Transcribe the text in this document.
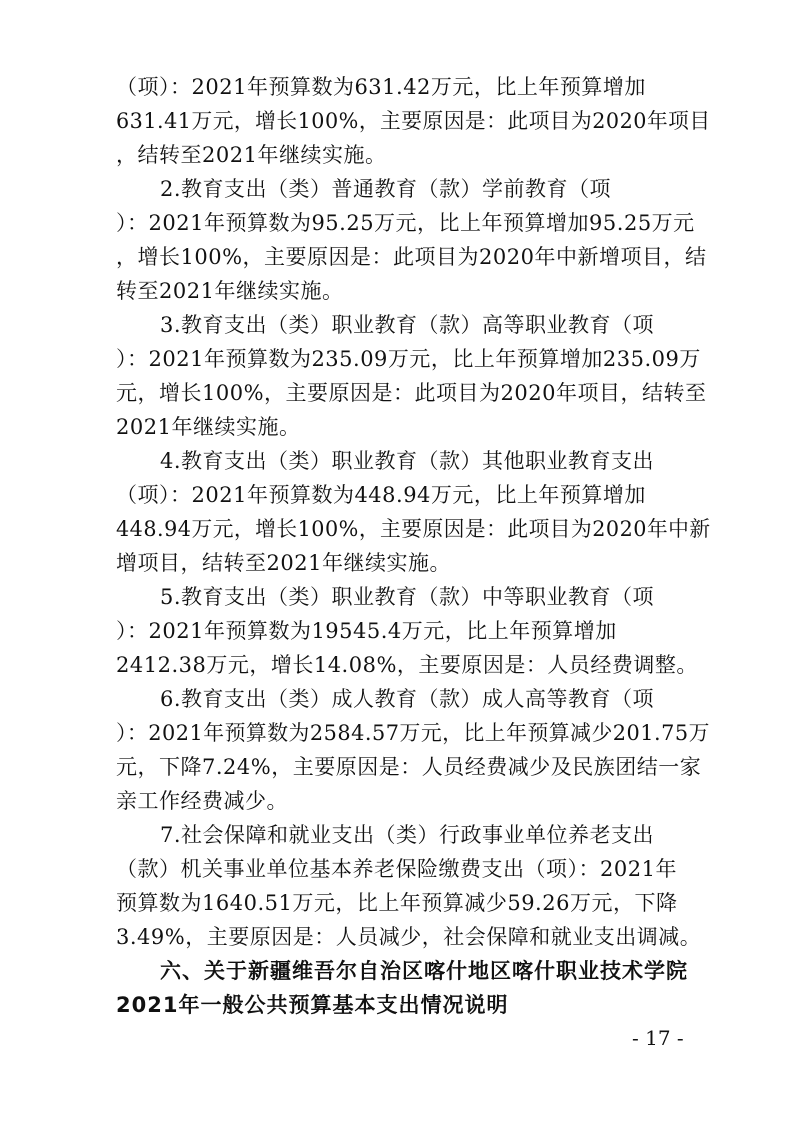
（项）：2021年预算数为631.42万元，比上年预算增加
631.41万元，增长100%，主要原因是：此项目为2020年项目
，结转至2021年继续实施。
2.教育支出（类）普通教育（款）学前教育（项
）：2021年预算数为95.25万元，比上年预算增加95.25万元
，增长100%，主要原因是：此项目为2020年中新增项目，结
转至2021年继续实施。
3.教育支出（类）职业教育（款）高等职业教育（项
）：2021年预算数为235.09万元，比上年预算增加235.09万
元，增长100%，主要原因是：此项目为2020年项目，结转至
2021年继续实施。
4.教育支出（类）职业教育（款）其他职业教育支出
（项）：2021年预算数为448.94万元，比上年预算增加
448.94万元，增长100%，主要原因是：此项目为2020年中新
增项目，结转至2021年继续实施。
5.教育支出（类）职业教育（款）中等职业教育（项
）：2021年预算数为19545.4万元，比上年预算增加
2412.38万元，增长14.08%，主要原因是：人员经费调整。
6.教育支出（类）成人教育（款）成人高等教育（项
）：2021年预算数为2584.57万元，比上年预算减少201.75万
元，下降7.24%，主要原因是：人员经费减少及民族团结一家
亲工作经费减少。
7.社会保障和就业支出（类）行政事业单位养老支出
（款）机关事业单位基本养老保险缴费支出（项）：2021年
预算数为1640.51万元，比上年预算减少59.26万元，下降
3.49%，主要原因是：人员减少，社会保障和就业支出调减。
六、关于新疆维吾尔自治区喀什地区喀什职业技术学院
2021年一般公共预算基本支出情况说明
- 17 -
